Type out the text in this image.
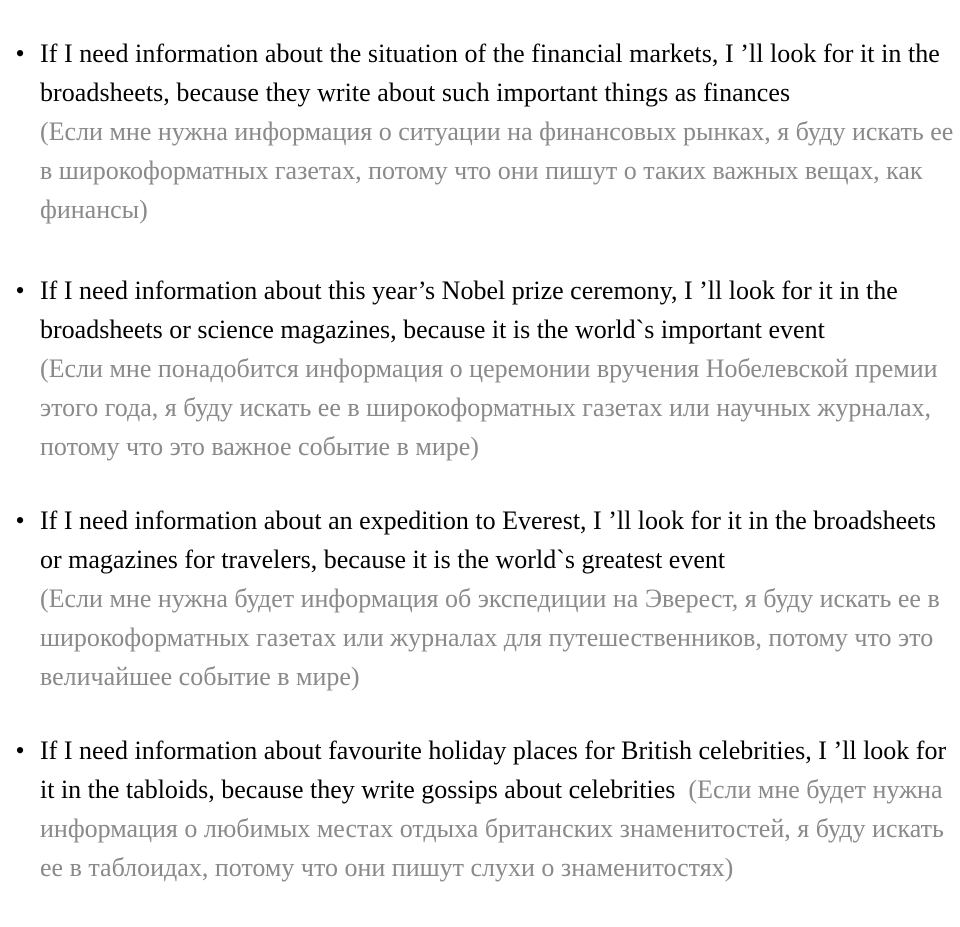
• If I need information about the situation of the financial markets, I ’ll look for it in the broadsheets, because they write about such important things as finances
(Если мне нужна информация о ситуации на финансовых рынках, я буду искать ее в широкоформатных газетах, потому что они пишут о таких важных вещах, как финансы)
• If I need information about this year’s Nobel prize ceremony, I ’ll look for it in the broadsheets or science magazines, because it is the world`s important event
(Если мне понадобится информация о церемонии вручения Нобелевской премии этого года, я буду искать ее в широкоформатных газетах или научных журналах, потому что это важное событие в мире)
• If I need information about an expedition to Everest, I ’ll look for it in the broadsheets or magazines for travelers, because it is the world`s greatest event
(Если мне нужна будет информация об экспедиции на Эверест, я буду искать ее в широкоформатных газетах или журналах для путешественников, потому что это величайшее событие в мире)
• If I need information about favourite holiday places for British celebrities, I ’ll look for it in the tabloids, because they write gossips about celebrities (Если мне будет нужна информация о любимых местах отдыха британских знаменитостей, я буду искать ее в таблоидах, потому что они пишут слухи о знаменитостях)
